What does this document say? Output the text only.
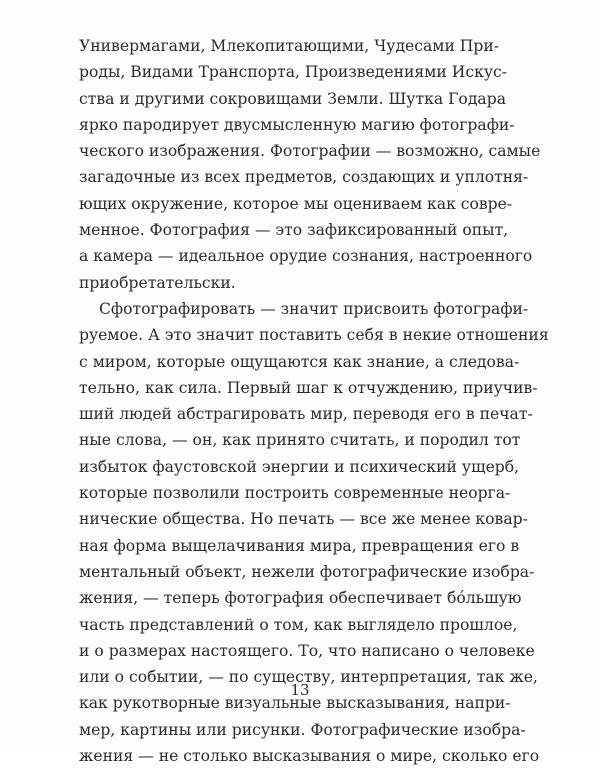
Универмагами, Млекопитающими, Чудесами При-
роды, Видами Транспорта, Произведениями Искус-
ства и другими сокровищами Земли. Шутка Годара
ярко пародирует двусмысленную магию фотографи-
ческого изображения. Фотографии — возможно, самые
загадочные из всех предметов, создающих и уплотня-
ющих окружение, которое мы оцениваем как совре-
менное. Фотография — это зафиксированный опыт,
а камера — идеальное орудие сознания, настроенного
приобретательски.
Сфотографировать — значит присвоить фотографи-
руемое. А это значит поставить себя в некие отношения
с миром, которые ощущаются как знание, а следова-
тельно, как сила. Первый шаг к отчуждению, приучив-
ший людей абстрагировать мир, переводя его в печат-
ные слова, — он, как принято считать, и породил тот
избыток фаустовской энергии и психический ущерб,
которые позволили построить современные неорга-
нические общества. Но печать — все же менее ковар-
ная форма выщелачивания мира, превращения его в
ментальный объект, нежели фотографические изобра-
жения, — теперь фотография обеспечивает бóльшую
часть представлений о том, как выглядело прошлое,
и о размерах настоящего. То, что написано о человеке
или о событии, — по существу, интерпретация, так же,
как рукотворные визуальные высказывания, напри-
мер, картины или рисунки. Фотографические изобра-
жения — не столько высказывания о мире, сколько его
13
